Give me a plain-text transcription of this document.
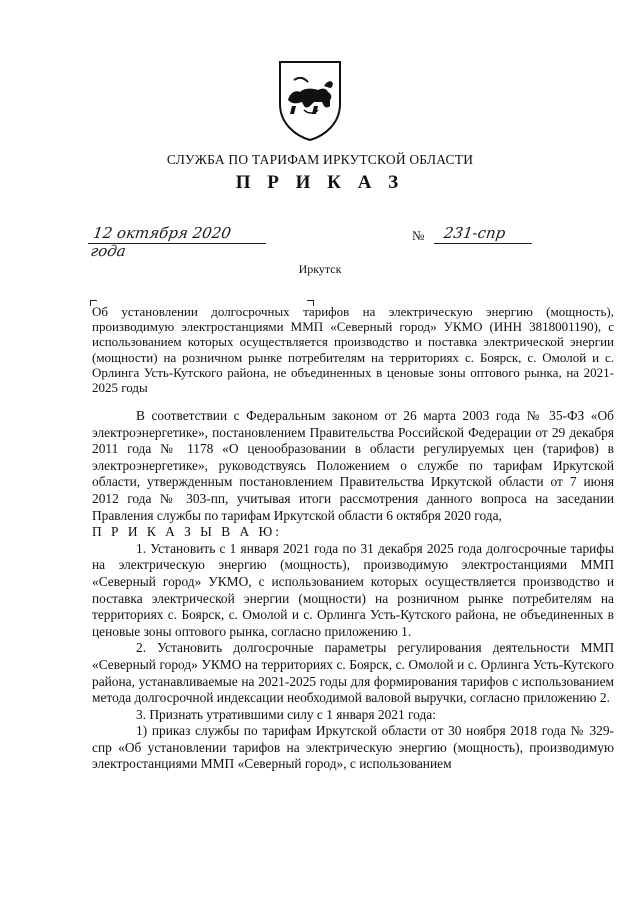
СЛУЖБА ПО ТАРИФАМ ИРКУТСКОЙ ОБЛАСТИ
П Р И К А З
12 октября 2020 года
№ 231-спр
Иркутск
Об установлении долгосрочных тарифов на электрическую энергию (мощность), производимую электростанциями ММП «Северный город» УКМО (ИНН 3818001190), с использованием которых осуществляется производство и поставка электрической энергии (мощности) на розничном рынке потребителям на территориях с. Боярск, с. Омолой и с. Орлинга Усть-Кутского района, не объединенных в ценовые зоны оптового рынка, на 2021-2025 годы

В соответствии с Федеральным законом от 26 марта 2003 года № 35-ФЗ «Об электроэнергетике», постановлением Правительства Российской Федерации от 29 декабря 2011 года № 1178 «О ценообразовании в области регулируемых цен (тарифов) в электроэнергетике», руководствуясь Положением о службе по тарифам Иркутской области, утвержденным постановлением Правительства Иркутской области от 7 июня 2012 года № 303-пп, учитывая итоги рассмотрения данного вопроса на заседании Правления службы по тарифам Иркутской области 6 октября 2020 года,

П Р И К А З Ы В А Ю:

1. Установить с 1 января 2021 года по 31 декабря 2025 года долгосрочные тарифы на электрическую энергию (мощность), производимую электростанциями ММП «Северный город» УКМО, с использованием которых осуществляется производство и поставка электрической энергии (мощности) на розничном рынке потребителям на территориях с. Боярск, с. Омолой и с. Орлинга Усть-Кутского района, не объединенных в ценовые зоны оптового рынка, согласно приложению 1.

2. Установить долгосрочные параметры регулирования деятельности ММП «Северный город» УКМО на территориях с. Боярск, с. Омолой и с. Орлинга Усть-Кутского района, устанавливаемые на 2021-2025 годы для формирования тарифов с использованием метода долгосрочной индексации необходимой валовой выручки, согласно приложению 2.

3. Признать утратившими силу с 1 января 2021 года:

1) приказ службы по тарифам Иркутской области от 30 ноября 2018 года № 329-спр «Об установлении тарифов на электрическую энергию (мощность), производимую электростанциями ММП «Северный город», с использованием
